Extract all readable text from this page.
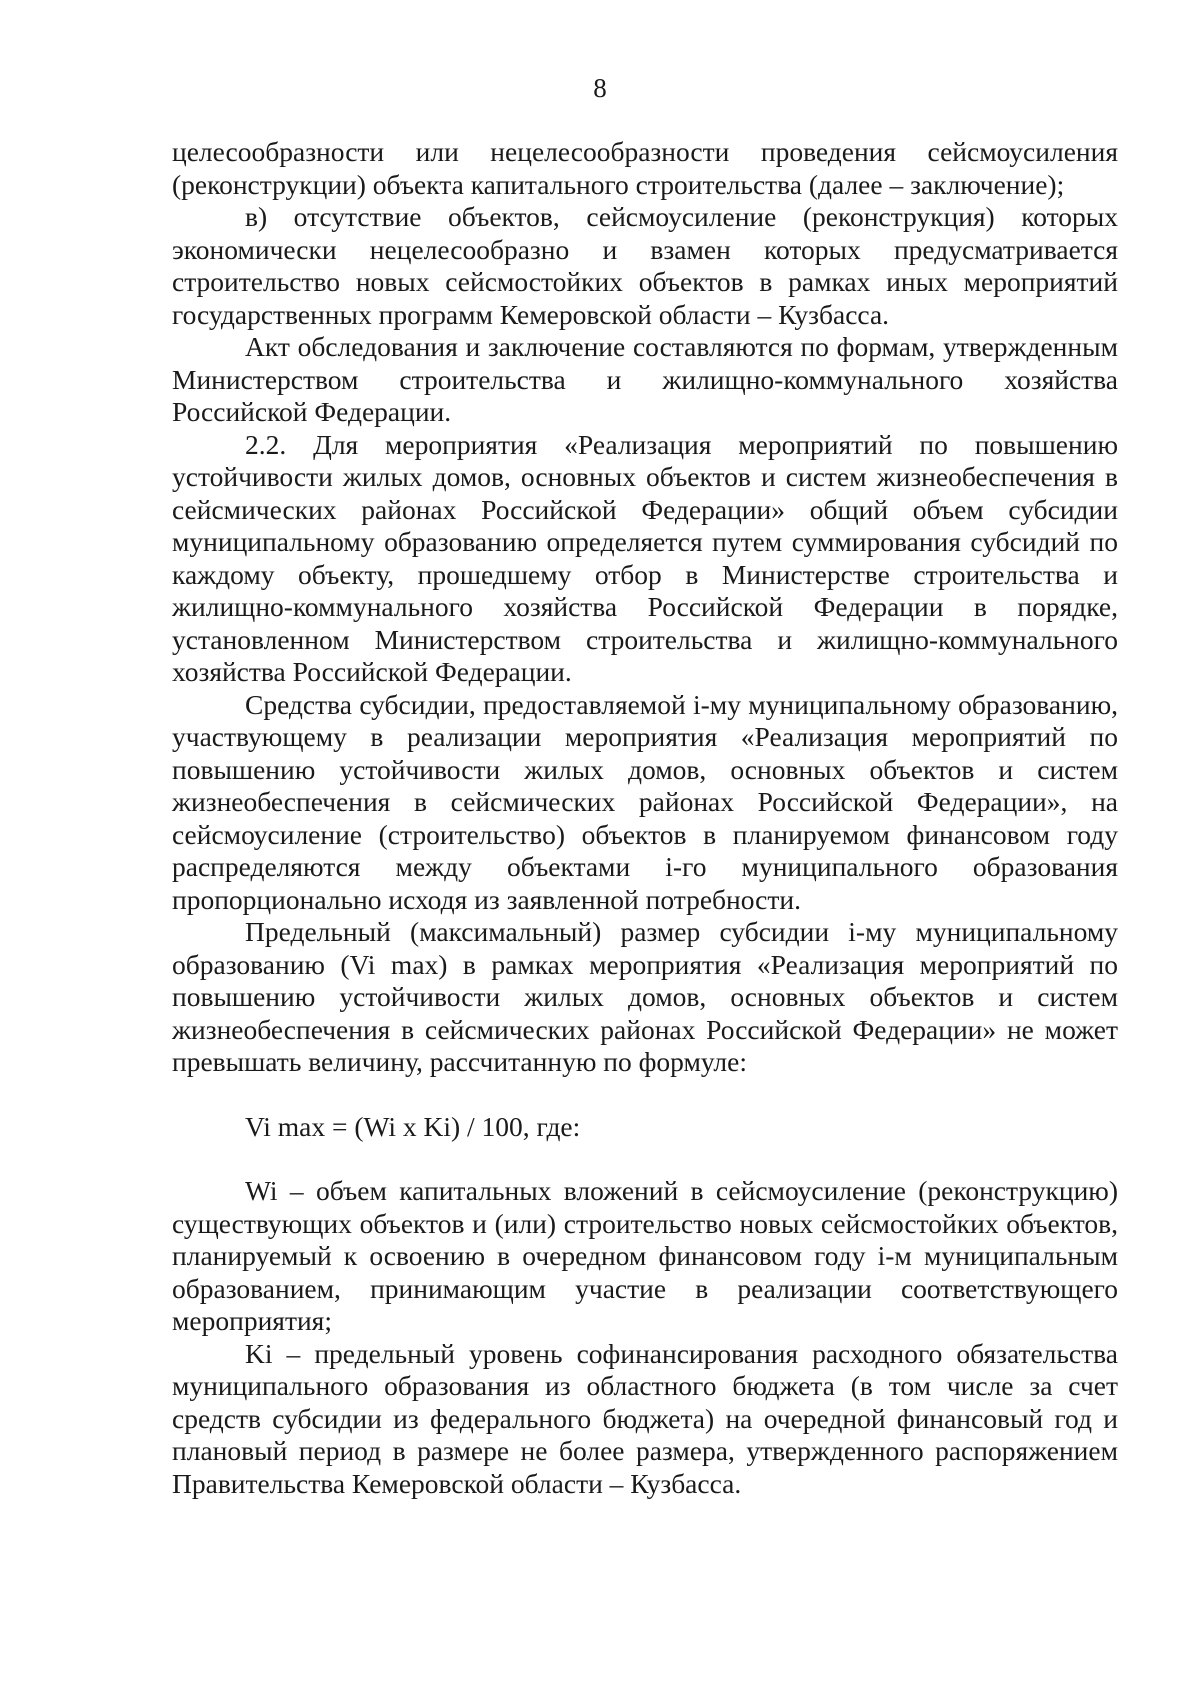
8

целесообразности или нецелесообразности проведения сейсмоусиления (реконструкции) объекта капитального строительства (далее – заключение);

в) отсутствие объектов, сейсмоусиление (реконструкция) которых экономически нецелесообразно и взамен которых предусматривается строительство новых сейсмостойких объектов в рамках иных мероприятий государственных программ Кемеровской области – Кузбасса.

Акт обследования и заключение составляются по формам, утвержденным Министерством строительства и жилищно-коммунального хозяйства Российской Федерации.

2.2. Для мероприятия «Реализация мероприятий по повышению устойчивости жилых домов, основных объектов и систем жизнеобеспечения в сейсмических районах Российской Федерации» общий объем субсидии муниципальному образованию определяется путем суммирования субсидий по каждому объекту, прошедшему отбор в Министерстве строительства и жилищно-коммунального хозяйства Российской Федерации в порядке, установленном Министерством строительства и жилищно-коммунального хозяйства Российской Федерации.

Средства субсидии, предоставляемой i-му муниципальному образованию, участвующему в реализации мероприятия «Реализация мероприятий по повышению устойчивости жилых домов, основных объектов и систем жизнеобеспечения в сейсмических районах Российской Федерации», на сейсмоусиление (строительство) объектов в планируемом финансовом году распределяются между объектами i-го муниципального образования пропорционально исходя из заявленной потребности.

Предельный (максимальный) размер субсидии i-му муниципальному образованию (Vi max) в рамках мероприятия «Реализация мероприятий по повышению устойчивости жилых домов, основных объектов и систем жизнеобеспечения в сейсмических районах Российской Федерации» не может превышать величину, рассчитанную по формуле:

Vi max = (Wi x Ki) / 100, где:

Wi – объем капитальных вложений в сейсмоусиление (реконструкцию) существующих объектов и (или) строительство новых сейсмостойких объектов, планируемый к освоению в очередном финансовом году i-м муниципальным образованием, принимающим участие в реализации соответствующего мероприятия;

Ki – предельный уровень софинансирования расходного обязательства муниципального образования из областного бюджета (в том числе за счет средств субсидии из федерального бюджета) на очередной финансовый год и плановый период в размере не более размера, утвержденного распоряжением Правительства Кемеровской области – Кузбасса.
